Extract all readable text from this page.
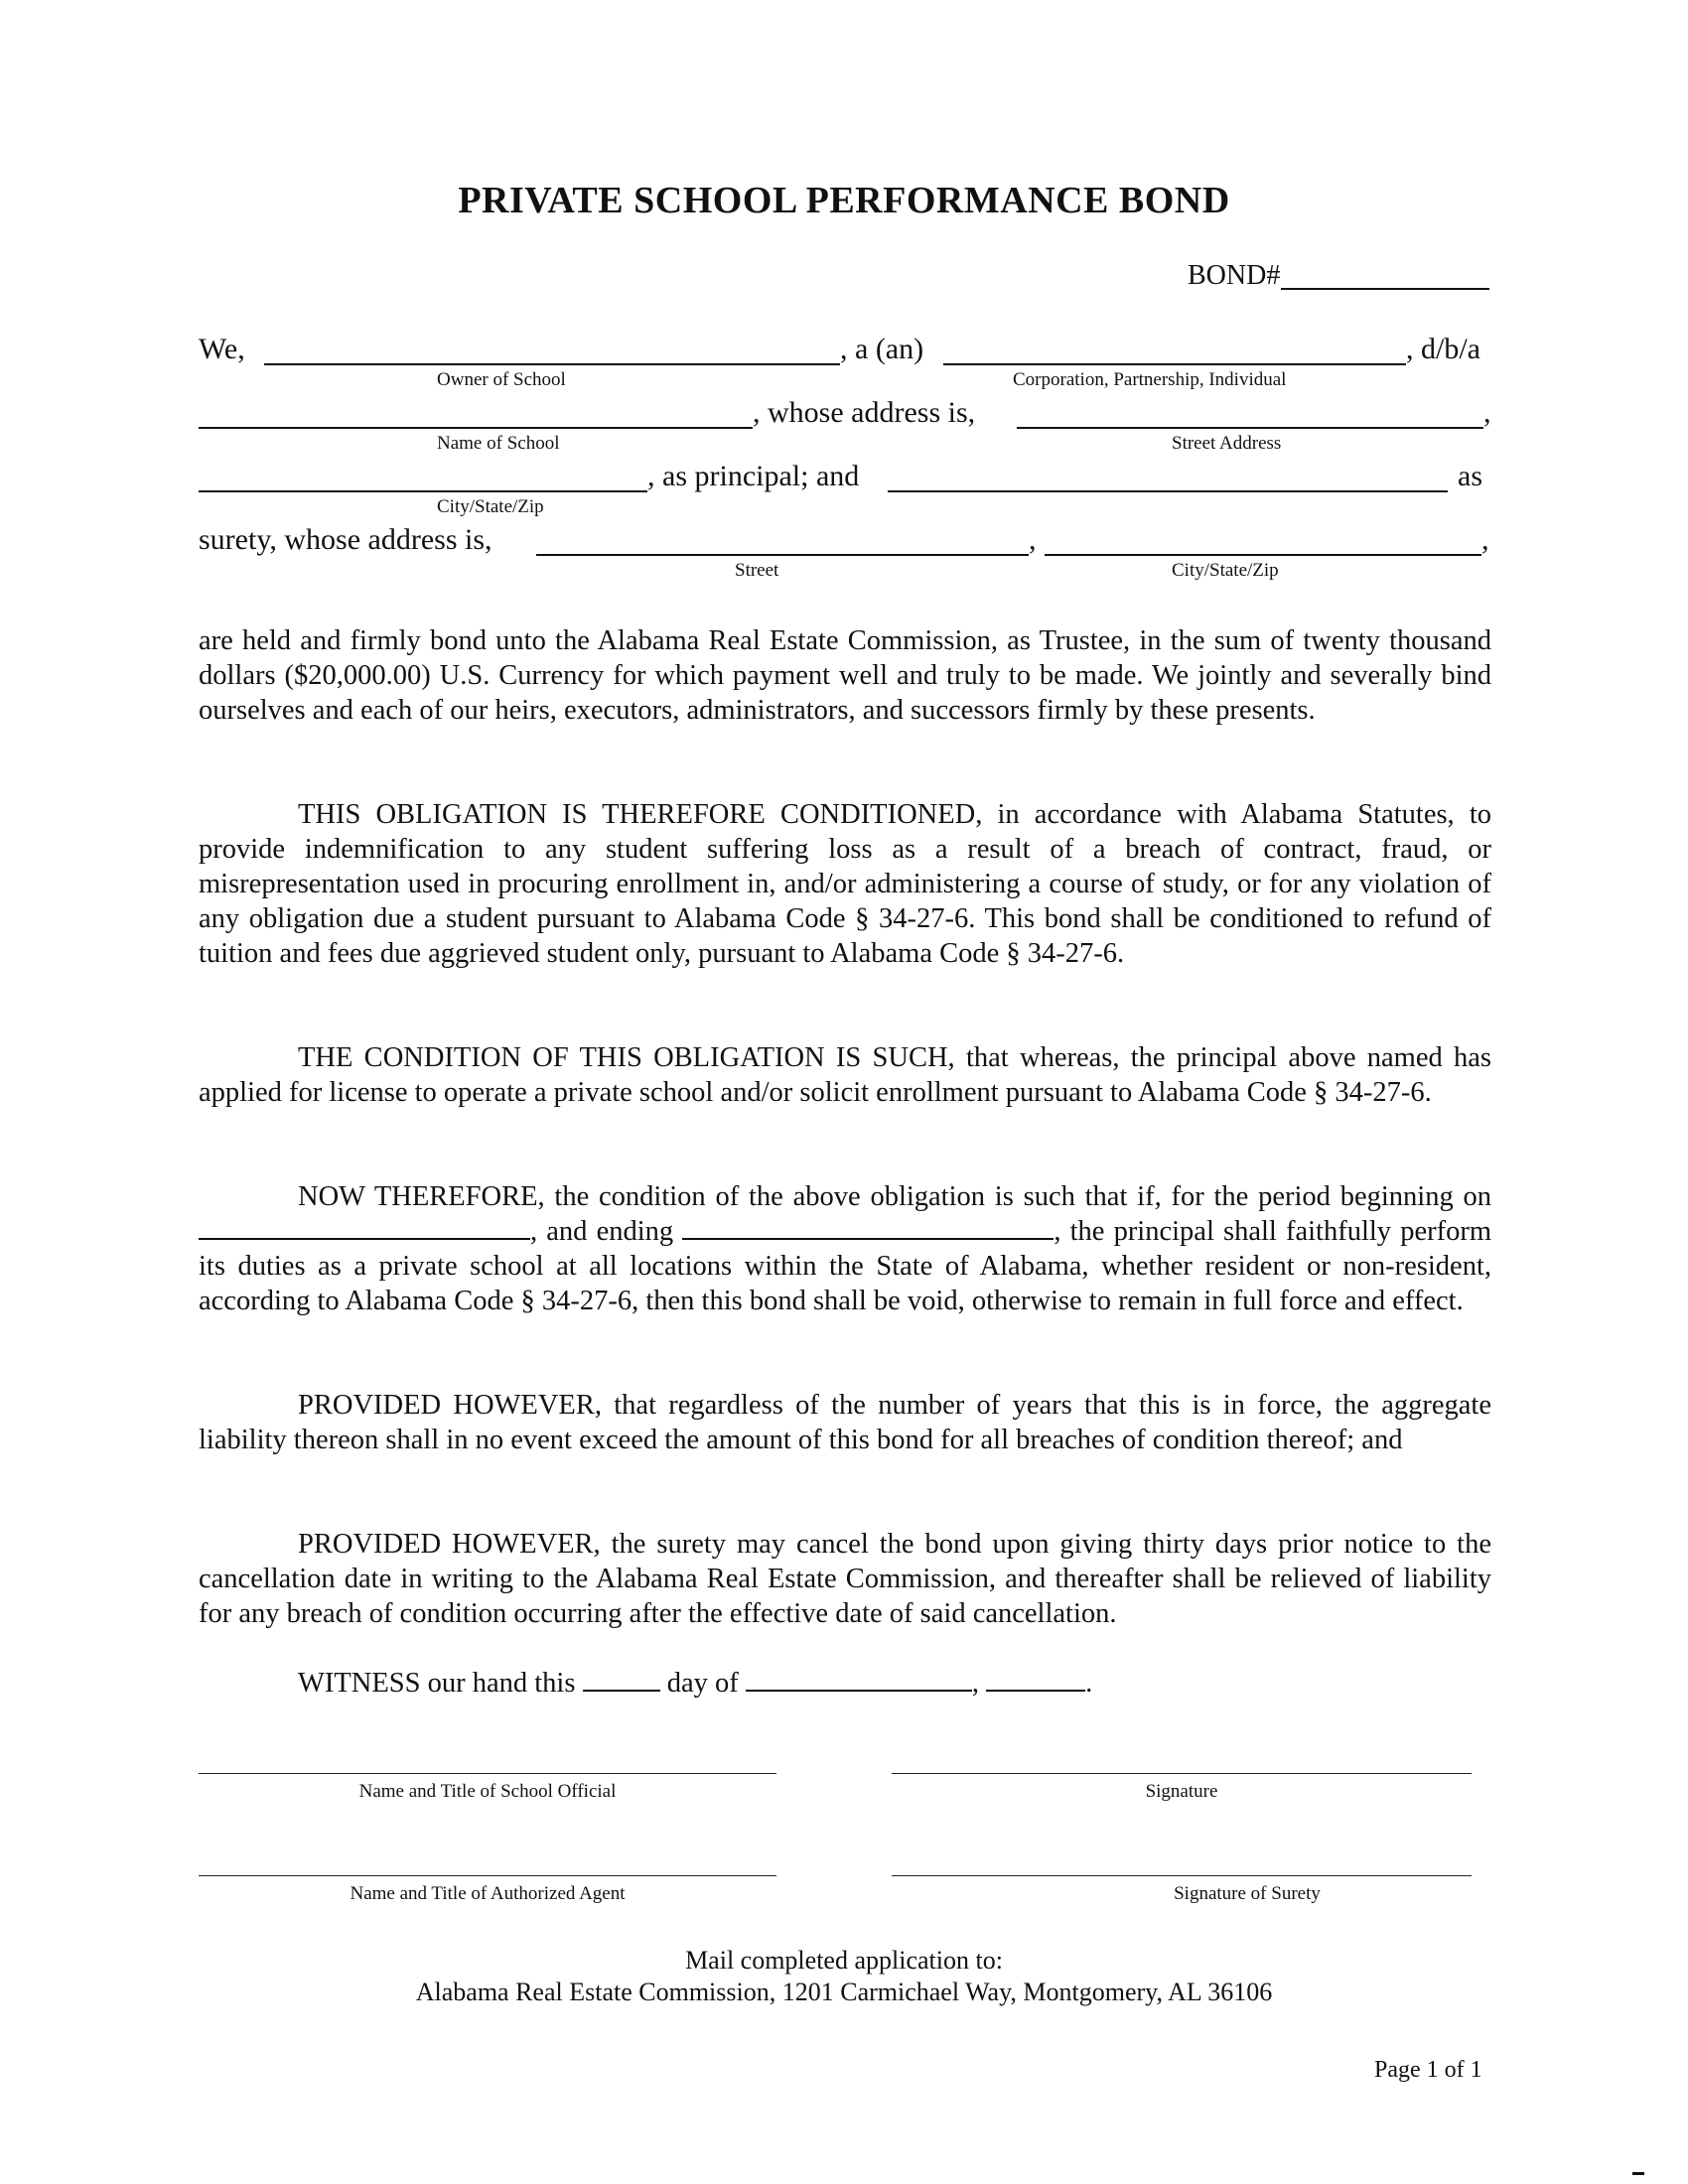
PRIVATE SCHOOL PERFORMANCE BOND
BOND#
We,	, a (an)	, d/b/a
Owner of School	Corporation, Partnership, Individual
, whose address is,	,
Name of School	Street Address
, as principal; and	as
City/State/Zip
surety, whose address is,	,	,
Street	City/State/Zip
are held and firmly bond unto the Alabama Real Estate Commission, as Trustee, in the sum of twenty thousand dollars ($20,000.00) U.S. Currency for which payment well and truly to be made. We jointly and severally bind ourselves and each of our heirs, executors, administrators, and successors firmly by these presents.
THIS OBLIGATION IS THEREFORE CONDITIONED, in accordance with Alabama Statutes, to provide indemnification to any student suffering loss as a result of a breach of contract, fraud, or misrepresentation used in procuring enrollment in, and/or administering a course of study, or for any violation of any obligation due a student pursuant to Alabama Code § 34-27-6. This bond shall be conditioned to refund of tuition and fees due aggrieved student only, pursuant to Alabama Code § 34-27-6.
THE CONDITION OF THIS OBLIGATION IS SUCH, that whereas, the principal above named has applied for license to operate a private school and/or solicit enrollment pursuant to Alabama Code § 34-27-6.
NOW THEREFORE, the condition of the above obligation is such that if, for the period beginning on , and ending	, the principal shall faithfully perform its duties as a private school at all locations within the State of Alabama, whether resident or non-resident, according to Alabama Code § 34-27-6, then this bond shall be void, otherwise to remain in full force and effect.
PROVIDED HOWEVER, that regardless of the number of years that this is in force, the aggregate liability thereon shall in no event exceed the amount of this bond for all breaches of condition thereof; and
PROVIDED HOWEVER, the surety may cancel the bond upon giving thirty days prior notice to the cancellation date in writing to the Alabama Real Estate Commission, and thereafter shall be relieved of liability for any breach of condition occurring after the effective date of said cancellation.
WITNESS our hand this	day of	,	.
Name and Title of School Official	Signature
Name and Title of Authorized Agent	Signature of Surety
Mail completed application to:
Alabama Real Estate Commission, 1201 Carmichael Way, Montgomery, AL 36106
Page 1 of 1
